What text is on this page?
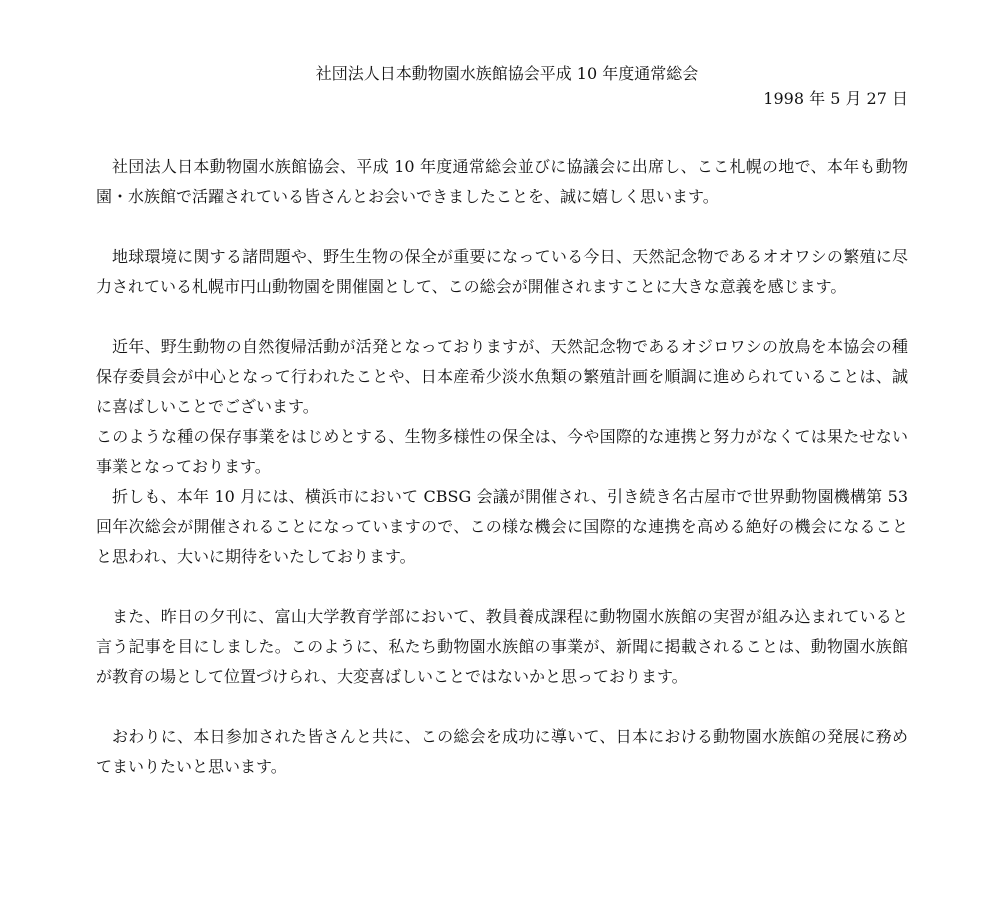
社団法人日本動物園水族館協会平成 10 年度通常総会

1998 年 5 月 27 日

社団法人日本動物園水族館協会、平成 10 年度通常総会並びに協議会に出席し、ここ札幌の地で、本年も動物園・水族館で活躍されている皆さんとお会いできましたことを、誠に嬉しく思います。

地球環境に関する諸問題や、野生生物の保全が重要になっている今日、天然記念物であるオオワシの繁殖に尽力されている札幌市円山動物園を開催園として、この総会が開催されますことに大きな意義を感じます。

近年、野生動物の自然復帰活動が活発となっておりますが、天然記念物であるオジロワシの放鳥を本協会の種保存委員会が中心となって行われたことや、日本産希少淡水魚類の繁殖計画を順調に進められていることは、誠に喜ばしいことでございます。

このような種の保存事業をはじめとする、生物多様性の保全は、今や国際的な連携と努力がなくては果たせない事業となっております。

折しも、本年 10 月には、横浜市において CBSG 会議が開催され、引き続き名古屋市で世界動物園機構第 53 回年次総会が開催されることになっていますので、この様な機会に国際的な連携を高める絶好の機会になることと思われ、大いに期待をいたしております。

また、昨日の夕刊に、富山大学教育学部において、教員養成課程に動物園水族館の実習が組み込まれていると言う記事を目にしました。このように、私たち動物園水族館の事業が、新聞に掲載されることは、動物園水族館が教育の場として位置づけられ、大変喜ばしいことではないかと思っております。

おわりに、本日参加された皆さんと共に、この総会を成功に導いて、日本における動物園水族館の発展に務めてまいりたいと思います。
